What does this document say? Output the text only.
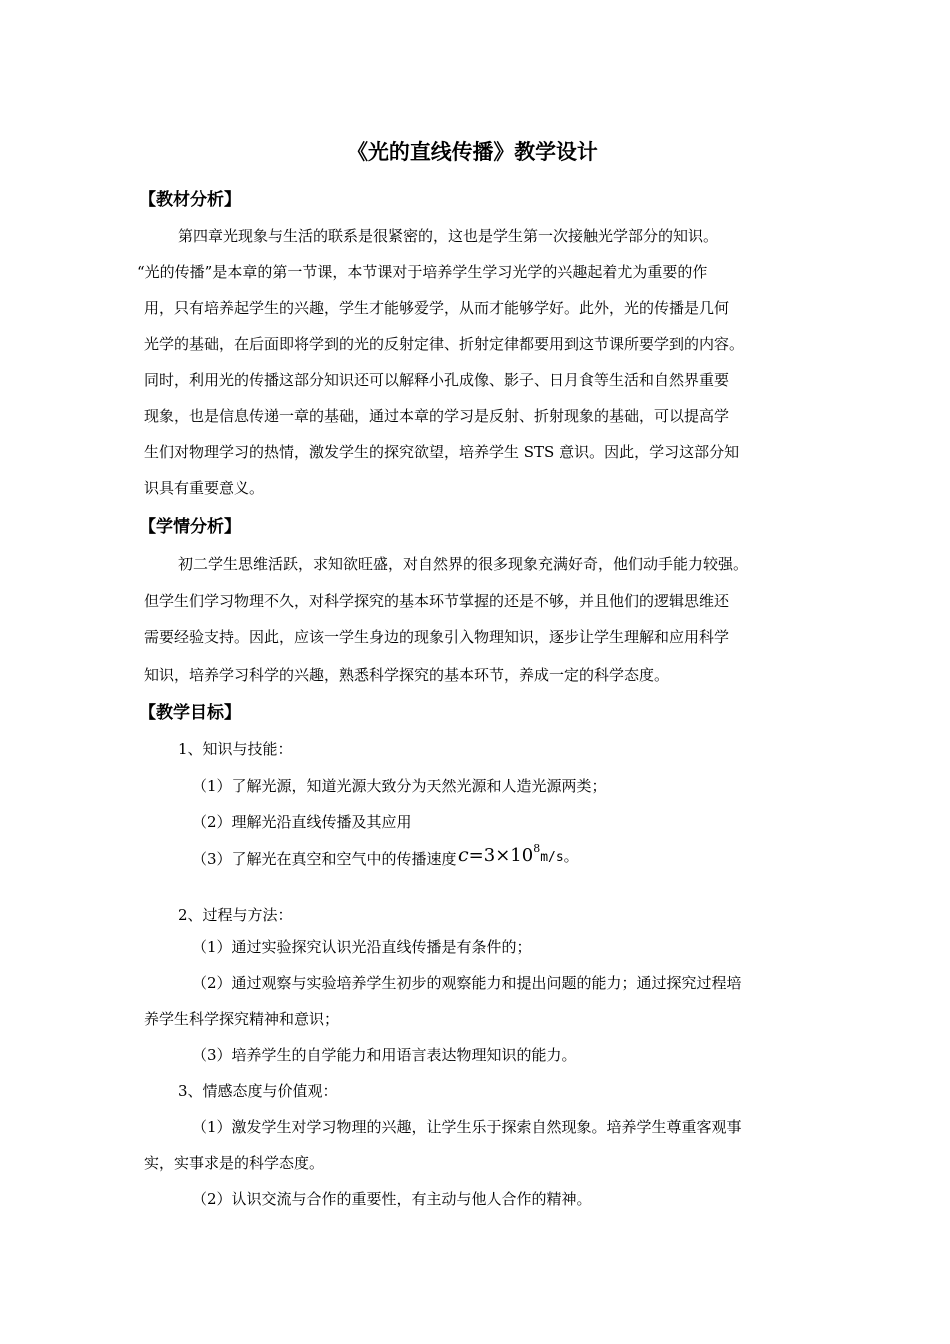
《光的直线传播》教学设计
【教材分析】
第四章光现象与生活的联系是很紧密的，这也是学生第一次接触光学部分的知识。
“光的传播”是本章的第一节课，本节课对于培养学生学习光学的兴趣起着尤为重要的作
用，只有培养起学生的兴趣，学生才能够爱学，从而才能够学好。此外，光的传播是几何
光学的基础，在后面即将学到的光的反射定律、折射定律都要用到这节课所要学到的内容。
同时，利用光的传播这部分知识还可以解释小孔成像、影子、日月食等生活和自然界重要
现象，也是信息传递一章的基础，通过本章的学习是反射、折射现象的基础，可以提高学
生们对物理学习的热情，激发学生的探究欲望，培养学生 STS 意识。因此，学习这部分知
识具有重要意义。
【学情分析】
初二学生思维活跃，求知欲旺盛，对自然界的很多现象充满好奇，他们动手能力较强。
但学生们学习物理不久，对科学探究的基本环节掌握的还是不够，并且他们的逻辑思维还
需要经验支持。因此，应该一学生身边的现象引入物理知识，逐步让学生理解和应用科学
知识，培养学习科学的兴趣，熟悉科学探究的基本环节，养成一定的科学态度。
【教学目标】
1、知识与技能：
（1）了解光源，知道光源大致分为天然光源和人造光源两类；
（2）理解光沿直线传播及其应用
（3）了解光在真空和空气中的传播速度 $c=3\times 10^8m/s$。
2、过程与方法：
（1）通过实验探究认识光沿直线传播是有条件的；
（2）通过观察与实验培养学生初步的观察能力和提出问题的能力；通过探究过程培
养学生科学探究精神和意识；
（3）培养学生的自学能力和用语言表达物理知识的能力。
3、情感态度与价值观：
（1）激发学生对学习物理的兴趣，让学生乐于探索自然现象。培养学生尊重客观事
实，实事求是的科学态度。
（2）认识交流与合作的重要性，有主动与他人合作的精神。
